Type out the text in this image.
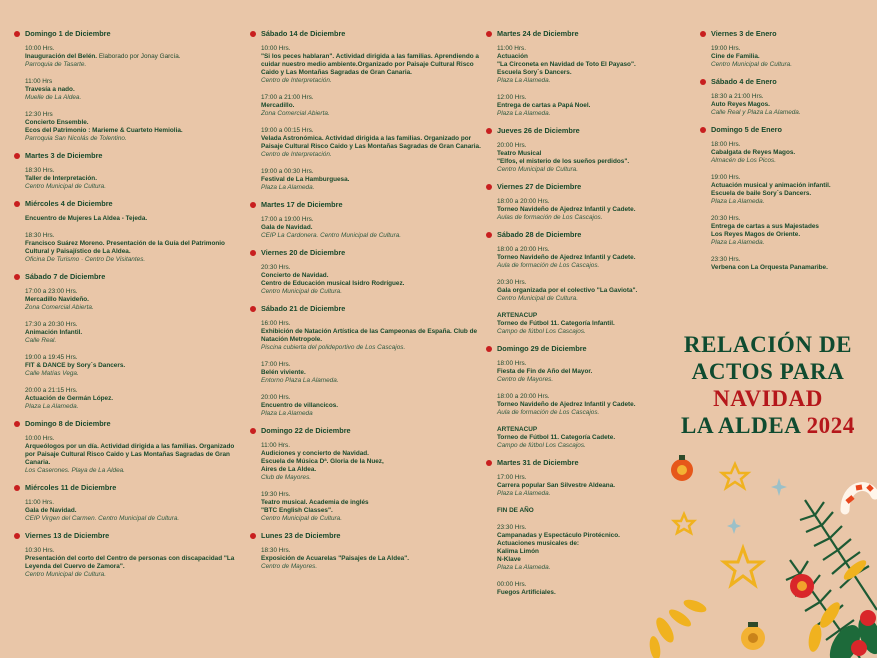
Domingo 1 de Diciembre
10:00 Hrs.
Inauguración del Belén. Elaborado por Jonay García.
Parroquia de Tasarte.
11:00 Hrs
Travesía a nado.
Muelle de La Aldea.
12:30 Hrs
Concierto Ensemble.
Ecos del Patrimonio : Marieme & Cuarteto Hemiolia.
Parroquia San Nicolás de Tolentino.
Martes 3 de Diciembre
18:30 Hrs.
Taller de Interpretación.
Centro Municipal de Cultura.
Miércoles 4 de Diciembre
Encuentro de Mujeres La Aldea - Tejeda.
18:30 Hrs.
Francisco Suárez Moreno. Presentación de la Guía del Patrimonio Cultural y Paisajístico de La Aldea.
Oficina De Turismo · Centro De Visitantes.
Sábado 7 de Diciembre
17:00 a 23:00 Hrs.
Mercadillo Navideño.
Zona Comercial Abierta.
17:30 a 20:30 Hrs.
Animación Infantil.
Calle Real.
19:00 a 19:45 Hrs.
FIT & DANCE by Sory´s Dancers.
Calle Matías Vega.
20:00 a 21:15 Hrs.
Actuación de Germán López.
Plaza La Alameda.
Domingo 8 de Diciembre
10:00 Hrs.
Arqueólogos por un día. Actividad dirigida a las familias. Organizado por Paisaje Cultural Risco Caido y Las Montañas Sagradas de Gran Canaria.
Los Caserones. Playa de La Aldea.
Miércoles 11 de Diciembre
11:00 Hrs.
Gala de Navidad.
CEIP Virgen del Carmen. Centro Municipal de Cultura.
Viernes 13 de Diciembre
10:30 Hrs.
Presentación del corto del Centro de personas con discapacidad "La Leyenda del Cuervo de Zamora".
Centro Municipal de Cultura.
Sábado 14 de Diciembre
10:00 Hrs.
"Si los peces hablaran". Actividad dirigida a las familias. Aprendiendo a cuidar nuestro medio ambiente.Organizado por Paisaje Cultural Risco Caido y Las Montañas Sagradas de Gran Canaria.
Centro de Interpretación.
17:00 a 21:00 Hrs.
Mercadillo.
Zona Comercial Abierta.
19:00 a 00:15 Hrs.
Velada Astronómica. Actividad dirigida a las familias. Organizado por Paisaje Cultural Risco Caido y Las Montañas Sagradas de Gran Canaria.
Centro de Interpretación.
19:00 a 00:30 Hrs.
Festival de La Hamburguesa.
Plaza La Alameda.
Martes 17 de Diciembre
17:00 a 19:00 Hrs.
Gala de Navidad.
CEIP La Cardonera. Centro Municipal de Cultura.
Viernes 20 de Diciembre
20:30 Hrs.
Concierto de Navidad.
Centro de Educación musical Isidro Rodríguez.
Centro Municipal de Cultura.
Sábado 21 de Diciembre
16:00 Hrs.
Exhibición de Natación Artística de las Campeonas de España. Club de Natación Metropole.
Piscina cubierta del polideportivo de Los Cascajos.
17:00 Hrs.
Belén viviente.
Entorno Plaza La Alameda.
20:00 Hrs.
Encuentro de villancicos.
Plaza La Alameda
Domingo 22 de Diciembre
11:00 Hrs.
Audiciones y concierto de Navidad.
Escuela de Música Dª. Gloria de la Nuez,
Aires de La Aldea.
Club de Mayores.
19:30 Hrs.
Teatro musical. Academia de inglés
"BTC English Classes".
Centro Municipal de Cultura.
Lunes 23 de Diciembre
18:30 Hrs.
Exposición de Acuarelas "Paisajes de La Aldea".
Centro de Mayores.
Martes 24 de Diciembre
11:00 Hrs.
Actuación
"La Circoneta en Navidad de Toto El Payaso".
Escuela Sory´s Dancers.
Plaza La Alameda.
12:00 Hrs.
Entrega de cartas a Papá Noel.
Plaza La Alameda.
Jueves 26 de Diciembre
20:00 Hrs.
Teatro Musical
"Elfos, el misterio de los sueños perdidos".
Centro Municipal de Cultura.
Viernes 27 de Diciembre
18:00 a 20:00 Hrs.
Torneo Navideño de Ajedrez Infantil y Cadete.
Aulas de formación de Los Cascajos.
Sábado 28 de Diciembre
18:00 a 20:00 Hrs.
Torneo Navideño de Ajedrez Infantil y Cadete.
Aula de formación de Los Cascajos.
20:30 Hrs.
Gala organizada por el colectivo "La Gaviota".
Centro Municipal de Cultura.
ARTENACUP
Torneo de Fútbol 11. Categoría Infantil.
Campo de fútbol Los Cascajos.
Domingo 29 de Diciembre
18:00 Hrs.
Fiesta de Fin de Año del Mayor.
Centro de Mayores.
18:00 a 20:00 Hrs.
Torneo Navideño de Ajedrez Infantil y Cadete.
Aula de formación de Los Cascajos.
ARTENACUP
Torneo de Fútbol 11. Categoría Cadete.
Campo de fútbol Los Cascajos.
Martes 31 de Diciembre
17:00 Hrs.
Carrera popular San Silvestre Aldeana.
Plaza La Alameda.
FIN DE AÑO
23:30 Hrs.
Campanadas y Espectáculo Pirotécnico.
Actuaciones musicales de:
Kalima Limón
N-Klave
Plaza La Alameda.
00:00 Hrs.
Fuegos Artificiales.
Viernes 3 de Enero
19:00 Hrs.
Cine de Familia.
Centro Municipal de Cultura.
Sábado 4 de Enero
18:30 a 21:00 Hrs.
Auto Reyes Magos.
Calle Real y Plaza La Alameda.
Domingo 5 de Enero
18:00 Hrs.
Cabalgata de Reyes Magos.
Almacén de Los Picos.
19:00 Hrs.
Actuación musical y animación infantil.
Escuela de baile Sory´s Dancers.
Plaza La Alameda.
20:30 Hrs.
Entrega de cartas a sus Majestades
Los Reyes Magos de Oriente.
Plaza La Alameda.
23:30 Hrs.
Verbena con La Orquesta Panamaribe.
RELACIÓN DE
ACTOS PARA
NAVIDAD
LA ALDEA 2024
